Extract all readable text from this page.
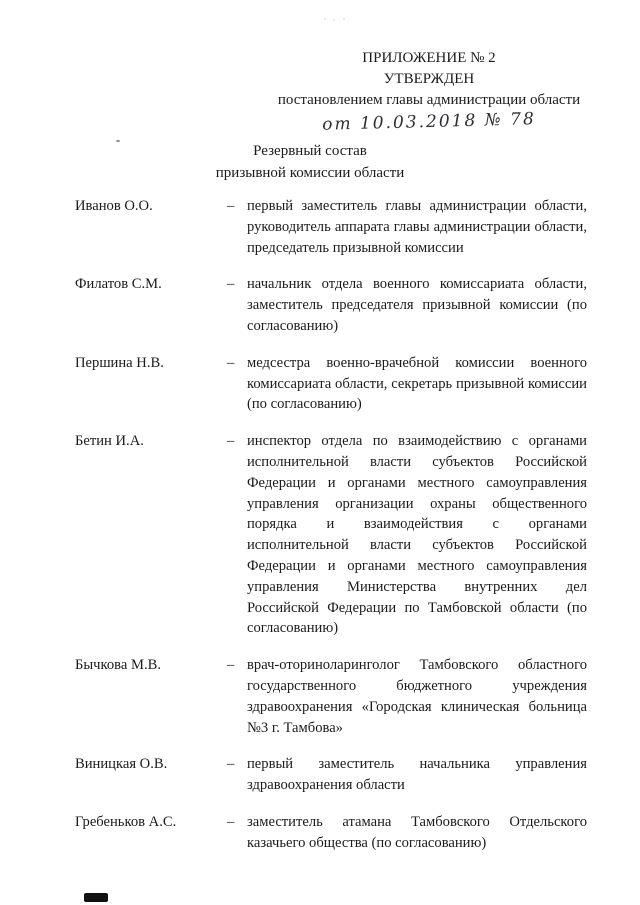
ПРИЛОЖЕНИЕ № 2

УТВЕРЖДЕН

постановлением главы администрации области

от 10.03.2018 № 78

Резервный состав
призывной комиссии области
Иванов О.О.	– первый заместитель главы администрации области, руководитель аппарата главы администрации области, председатель призывной комиссии
Филатов С.М.	– начальник отдела военного комиссариата области, заместитель председателя призывной комиссии (по согласованию)
Першина Н.В.	– медсестра военно-врачебной комиссии военного комиссариата области, секретарь призывной комиссии (по согласованию)
Бетин И.А.	– инспектор отдела по взаимодействию с органами исполнительной власти субъектов Российской Федерации и органами местного самоуправления управления организации охраны общественного порядка и взаимодействия с органами исполнительной власти субъектов Российской Федерации и органами местного самоуправления управления Министерства внутренних дел Российской Федерации по Тамбовской области (по согласованию)
Бычкова М.В.	– врач-оториноларинголог Тамбовского областного государственного бюджетного учреждения здравоохранения «Городская клиническая больница №3 г. Тамбова»
Виницкая О.В.	– первый заместитель начальника управления здравоохранения области
Гребеньков А.С.	– заместитель атамана Тамбовского Отдельского казачьего общества (по согласованию)
